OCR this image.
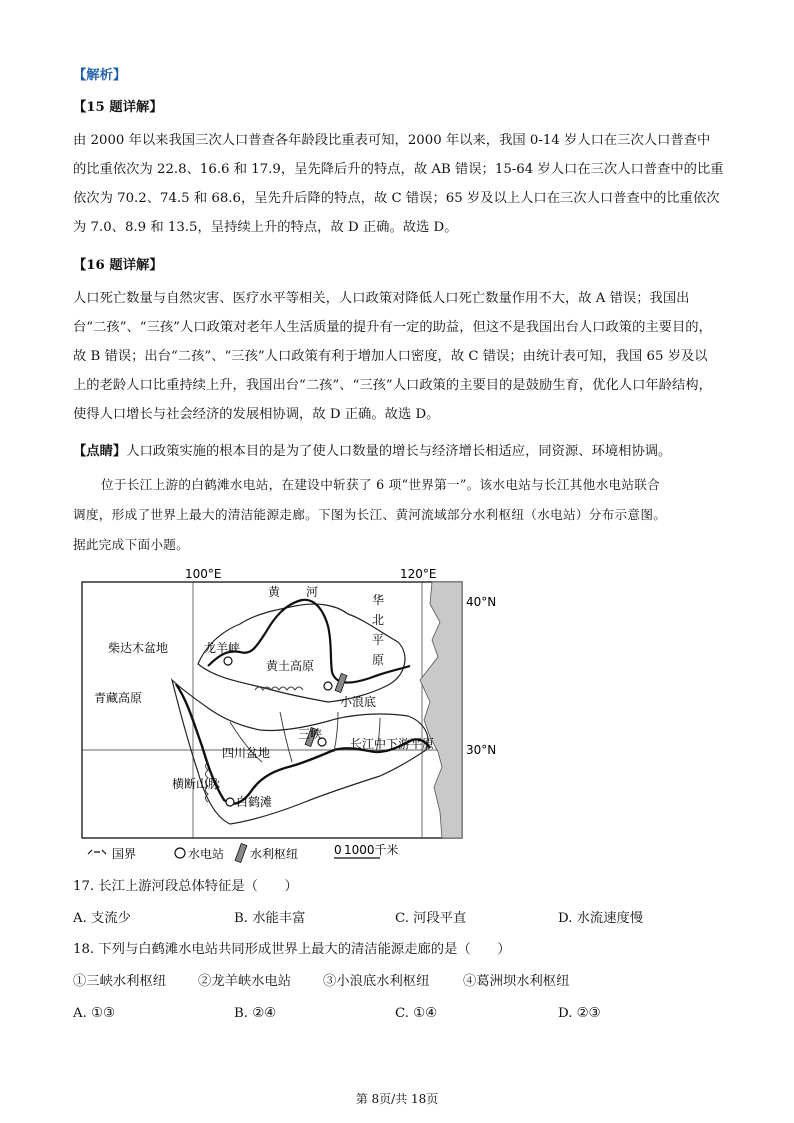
【解析】
【15 题详解】
由 2000 年以来我国三次人口普查各年龄段比重表可知，2000 年以来，我国 0-14 岁人口在三次人口普查中
的比重依次为 22.8、16.6 和 17.9，呈先降后升的特点，故 AB 错误；15-64 岁人口在三次人口普查中的比重
依次为 70.2、74.5 和 68.6，呈先升后降的特点，故 C 错误；65 岁及以上人口在三次人口普查中的比重依次
为 7.0、8.9 和 13.5，呈持续上升的特点，故 D 正确。故选 D。
【16 题详解】
人口死亡数量与自然灾害、医疗水平等相关，人口政策对降低人口死亡数量作用不大，故 A 错误；我国出
台“二孩”、“三孩”人口政策对老年人生活质量的提升有一定的助益，但这不是我国出台人口政策的主要目的，
故 B 错误；出台“二孩”、“三孩”人口政策有利于增加人口密度，故 C 错误；由统计表可知，我国 65 岁及以
上的老龄人口比重持续上升，我国出台“二孩”、“三孩”人口政策的主要目的是鼓励生育，优化人口年龄结构，
使得人口增长与社会经济的发展相协调，故 D 正确。故选 D。
【点睛】人口政策实施的根本目的是为了使人口数量的增长与经济增长相适应，同资源、环境相协调。
位于长江上游的白鹤滩水电站，在建设中斩获了 6 项“世界第一”。该水电站与长江其他水电站联合
调度，形成了世界上最大的清洁能源走廊。下图为长江、黄河流域部分水利枢纽（水电站）分布示意图。
据此完成下面小题。
100°E	120°E
40°N
30°N
黄 河
华
北
平
原
柴达木盆地	龙羊峡
黄土高原
青藏高原	小浪底
三峡
四川盆地
长江中下游平原
横断山脉
白鹤滩
国界	水电站 水利枢纽	0 1000千米
17. 长江上游河段总体特征是（　　）
A. 支流少	B. 水能丰富	C. 河段平直	D. 水流速度慢
18. 下列与白鹤滩水电站共同形成世界上最大的清洁能源走廊的是（　　）
①三峡水利枢纽 ②龙羊峡水电站 ③小浪底水利枢纽	④葛洲坝水利枢纽
A. ①③	B. ②④	C. ①④	D. ②③
第 8页/共 18页
